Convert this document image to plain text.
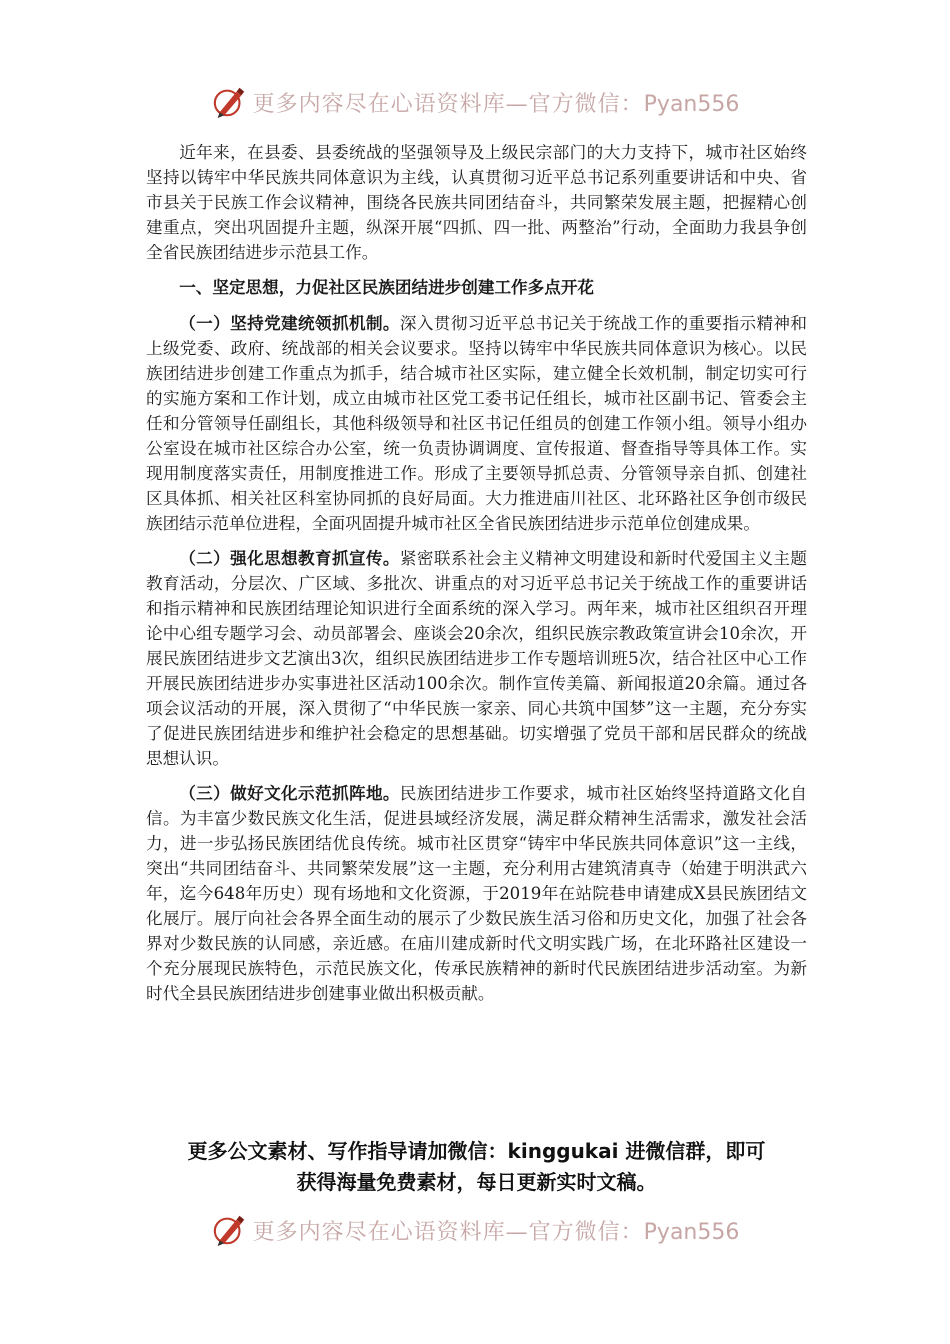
更多内容尽在心语资料库—官方微信：Pyan556

近年来，在县委、县委统战的坚强领导及上级民宗部门的大力支持下，城市社区始终坚持以铸牢中华民族共同体意识为主线，认真贯彻习近平总书记系列重要讲话和中央、省市县关于民族工作会议精神，围绕各民族共同团结奋斗，共同繁荣发展主题，把握精心创建重点，突出巩固提升主题，纵深开展“四抓、四一批、两整治”行动，全面助力我县争创全省民族团结进步示范县工作。

一、坚定思想，力促社区民族团结进步创建工作多点开花

（一）坚持党建统领抓机制。深入贯彻习近平总书记关于统战工作的重要指示精神和上级党委、政府、统战部的相关会议要求。坚持以铸牢中华民族共同体意识为核心。以民族团结进步创建工作重点为抓手，结合城市社区实际，建立健全长效机制，制定切实可行的实施方案和工作计划，成立由城市社区党工委书记任组长，城市社区副书记、管委会主任和分管领导任副组长，其他科级领导和社区书记任组员的创建工作领小组。领导小组办公室设在城市社区综合办公室，统一负责协调调度、宣传报道、督查指导等具体工作。实现用制度落实责任，用制度推进工作。形成了主要领导抓总责、分管领导亲自抓、创建社区具体抓、相关社区科室协同抓的良好局面。大力推进庙川社区、北环路社区争创市级民族团结示范单位进程，全面巩固提升城市社区全省民族团结进步示范单位创建成果。

（二）强化思想教育抓宣传。紧密联系社会主义精神文明建设和新时代爱国主义主题教育活动，分层次、广区域、多批次、讲重点的对习近平总书记关于统战工作的重要讲话和指示精神和民族团结理论知识进行全面系统的深入学习。两年来，城市社区组织召开理论中心组专题学习会、动员部署会、座谈会20余次，组织民族宗教政策宣讲会10余次，开展民族团结进步文艺演出3次，组织民族团结进步工作专题培训班5次，结合社区中心工作开展民族团结进步办实事进社区活动100余次。制作宣传美篇、新闻报道20余篇。通过各项会议活动的开展，深入贯彻了“中华民族一家亲、同心共筑中国梦”这一主题，充分夯实了促进民族团结进步和维护社会稳定的思想基础。切实增强了党员干部和居民群众的统战思想认识。

（三）做好文化示范抓阵地。民族团结进步工作要求，城市社区始终坚持道路文化自信。为丰富少数民族文化生活，促进县域经济发展，满足群众精神生活需求，激发社会活力，进一步弘扬民族团结优良传统。城市社区贯穿“铸牢中华民族共同体意识”这一主线，突出“共同团结奋斗、共同繁荣发展”这一主题，充分利用古建筑清真寺（始建于明洪武六年，迄今648年历史）现有场地和文化资源，于2019年在站院巷申请建成X县民族团结文化展厅。展厅向社会各界全面生动的展示了少数民族生活习俗和历史文化，加强了社会各界对少数民族的认同感，亲近感。在庙川建成新时代文明实践广场，在北环路社区建设一个充分展现民族特色，示范民族文化，传承民族精神的新时代民族团结进步活动室。为新时代全县民族团结进步创建事业做出积极贡献。

更多公文素材、写作指导请加微信：kinggukai 进微信群，即可
获得海量免费素材，每日更新实时文稿。
更多内容尽在心语资料库—官方微信：Pyan556
